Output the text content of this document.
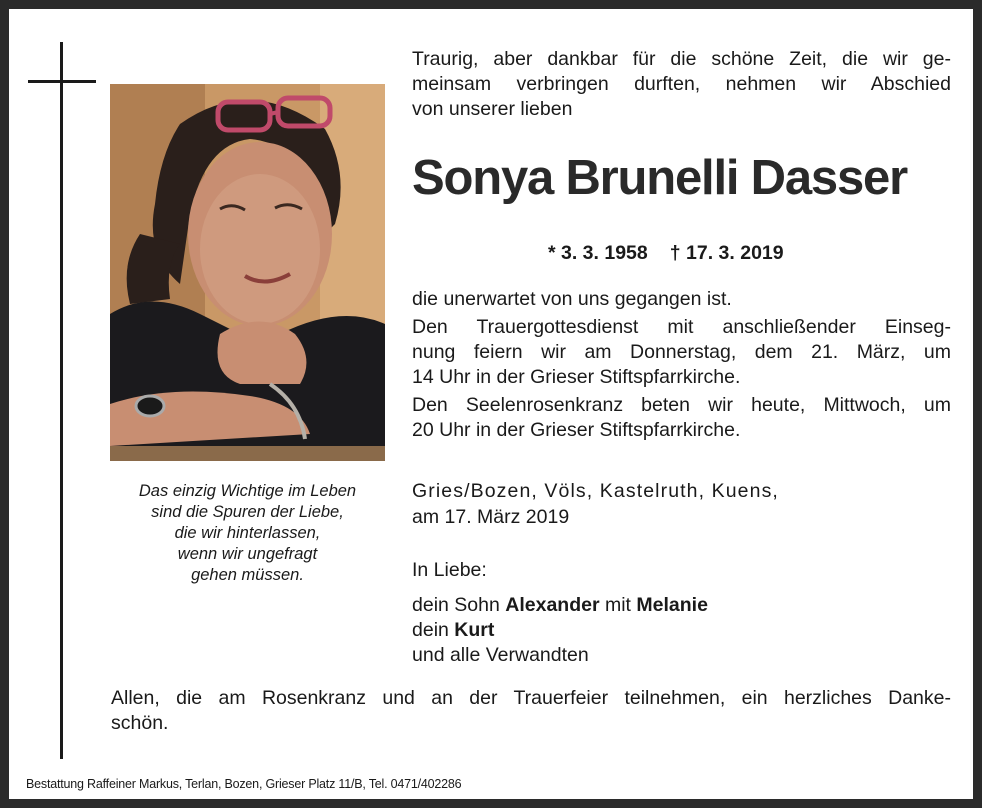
Das einzig Wichtige im Leben
sind die Spuren der Liebe,
die wir hinterlassen,
wenn wir ungefragt
gehen müssen.
Traurig, aber dankbar für die schöne Zeit, die wir ge-
meinsam verbringen durften, nehmen wir Abschied
von unserer lieben
Sonya Brunelli Dasser
* 3. 3. 1958 † 17. 3. 2019
die unerwartet von uns gegangen ist.
Den Trauergottesdienst mit anschließender Einseg-
nung feiern wir am Donnerstag, dem 21. März, um
14 Uhr in der Grieser Stiftspfarrkirche.
Den Seelenrosenkranz beten wir heute, Mittwoch, um
20 Uhr in der Grieser Stiftspfarrkirche.
Gries/Bozen, Völs, Kastelruth, Kuens,
am 17. März 2019
In Liebe:
dein Sohn Alexander mit Melanie
dein Kurt
und alle Verwandten
Allen, die am Rosenkranz und an der Trauerfeier teilnehmen, ein herzliches Danke-
schön.
Bestattung Raffeiner Markus, Terlan, Bozen, Grieser Platz 11/B, Tel. 0471/402286
